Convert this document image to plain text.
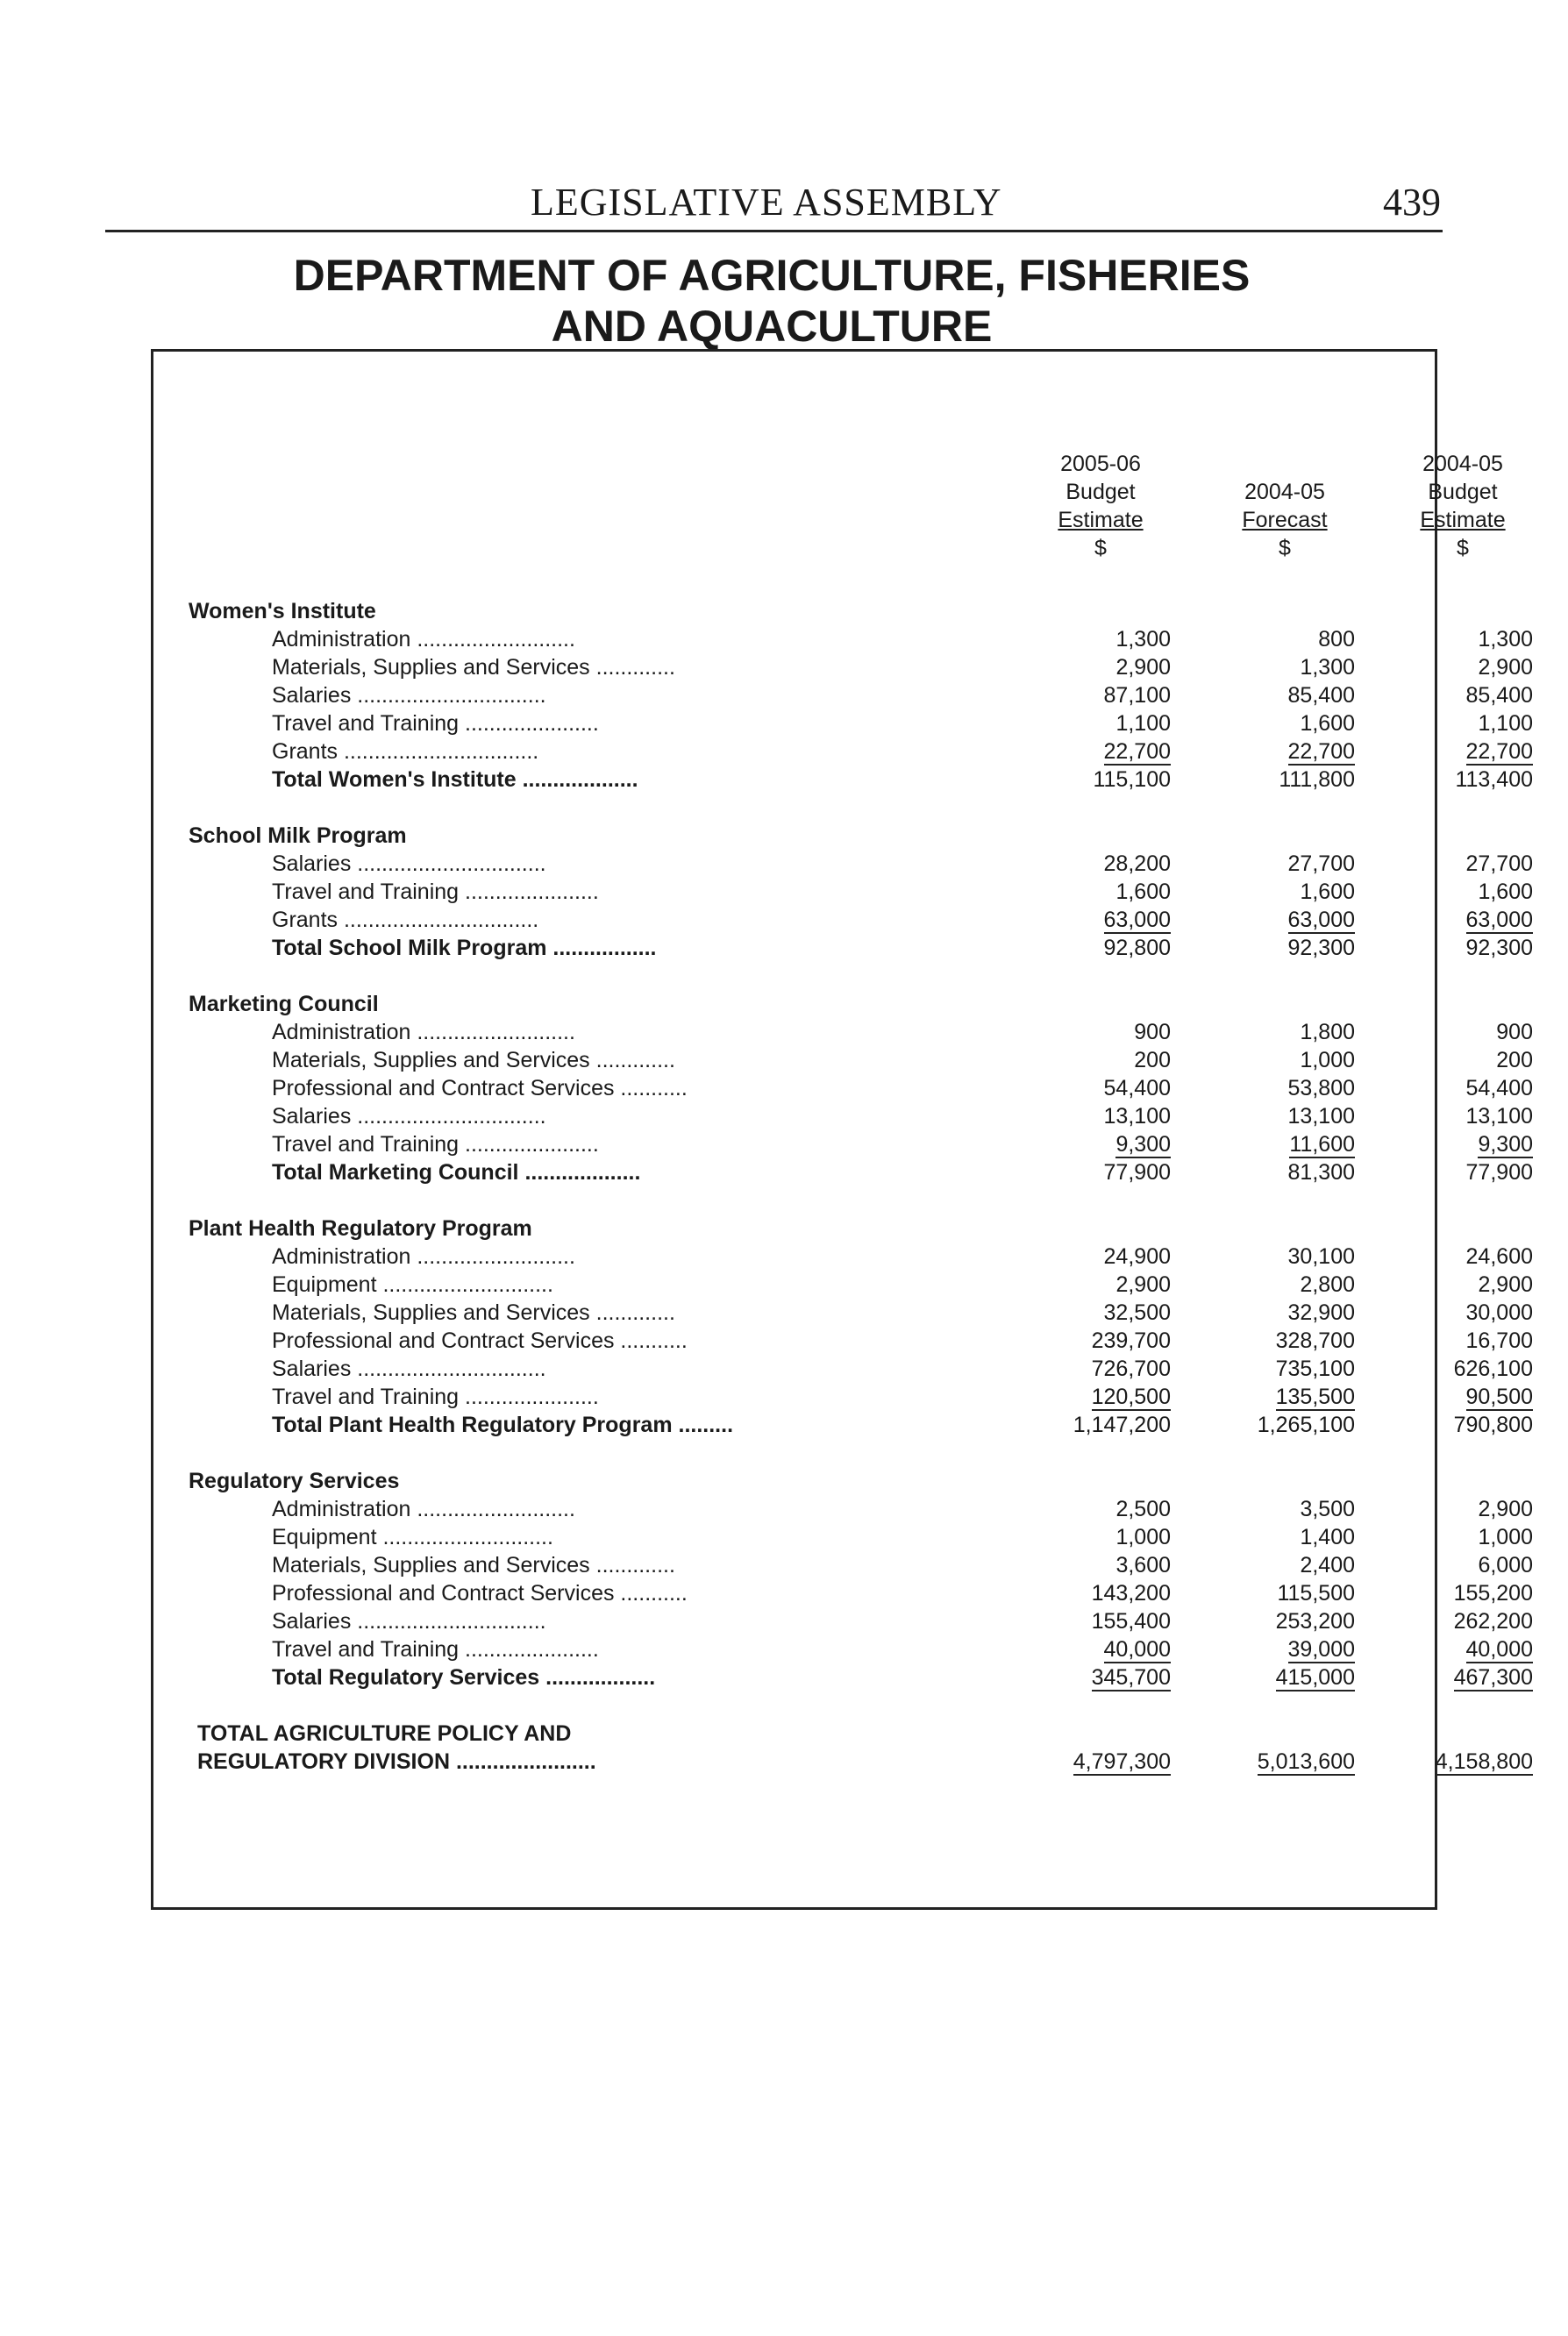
LEGISLATIVE ASSEMBLY	439
DEPARTMENT OF AGRICULTURE, FISHERIES
AND AQUACULTURE
2005-06
Budget
Estimate
$
2004-05
Forecast
$
2004-05
Budget
Estimate
$
Women's Institute
Administration ..........................	1,300	800	1,300
Materials, Supplies and Services .............	2,900	1,300	2,900
Salaries ...............................	87,100	85,400	85,400
Travel and Training ......................	1,100	1,600	1,100
Grants ................................	22,700	22,700	22,700
Total Women's Institute ...................	115,100	111,800	113,400
School Milk Program
Salaries ...............................	28,200	27,700	27,700
Travel and Training ......................	1,600	1,600	1,600
Grants ................................	63,000	63,000	63,000
Total School Milk Program .................	92,800	92,300	92,300
Marketing Council
Administration ..........................	900	1,800	900
Materials, Supplies and Services .............	200	1,000	200
Professional and Contract Services ...........	54,400	53,800	54,400
Salaries ...............................	13,100	13,100	13,100
Travel and Training ......................	9,300	11,600	9,300
Total Marketing Council ...................	77,900	81,300	77,900
Plant Health Regulatory Program
Administration ..........................	24,900	30,100	24,600
Equipment ............................	2,900	2,800	2,900
Materials, Supplies and Services .............	32,500	32,900	30,000
Professional and Contract Services ...........	239,700	328,700	16,700
Salaries ...............................	726,700	735,100	626,100
Travel and Training ......................	120,500	135,500	90,500
Total Plant Health Regulatory Program .........	1,147,200	1,265,100	790,800
Regulatory Services
Administration ..........................	2,500	3,500	2,900
Equipment ............................	1,000	1,400	1,000
Materials, Supplies and Services .............	3,600	2,400	6,000
Professional and Contract Services ...........	143,200	115,500	155,200
Salaries ...............................	155,400	253,200	262,200
Travel and Training ......................	40,000	39,000	40,000
Total Regulatory Services ..................	345,700	415,000	467,300
TOTAL AGRICULTURE POLICY AND
REGULATORY DIVISION .......................	4,797,300	5,013,600	4,158,800
